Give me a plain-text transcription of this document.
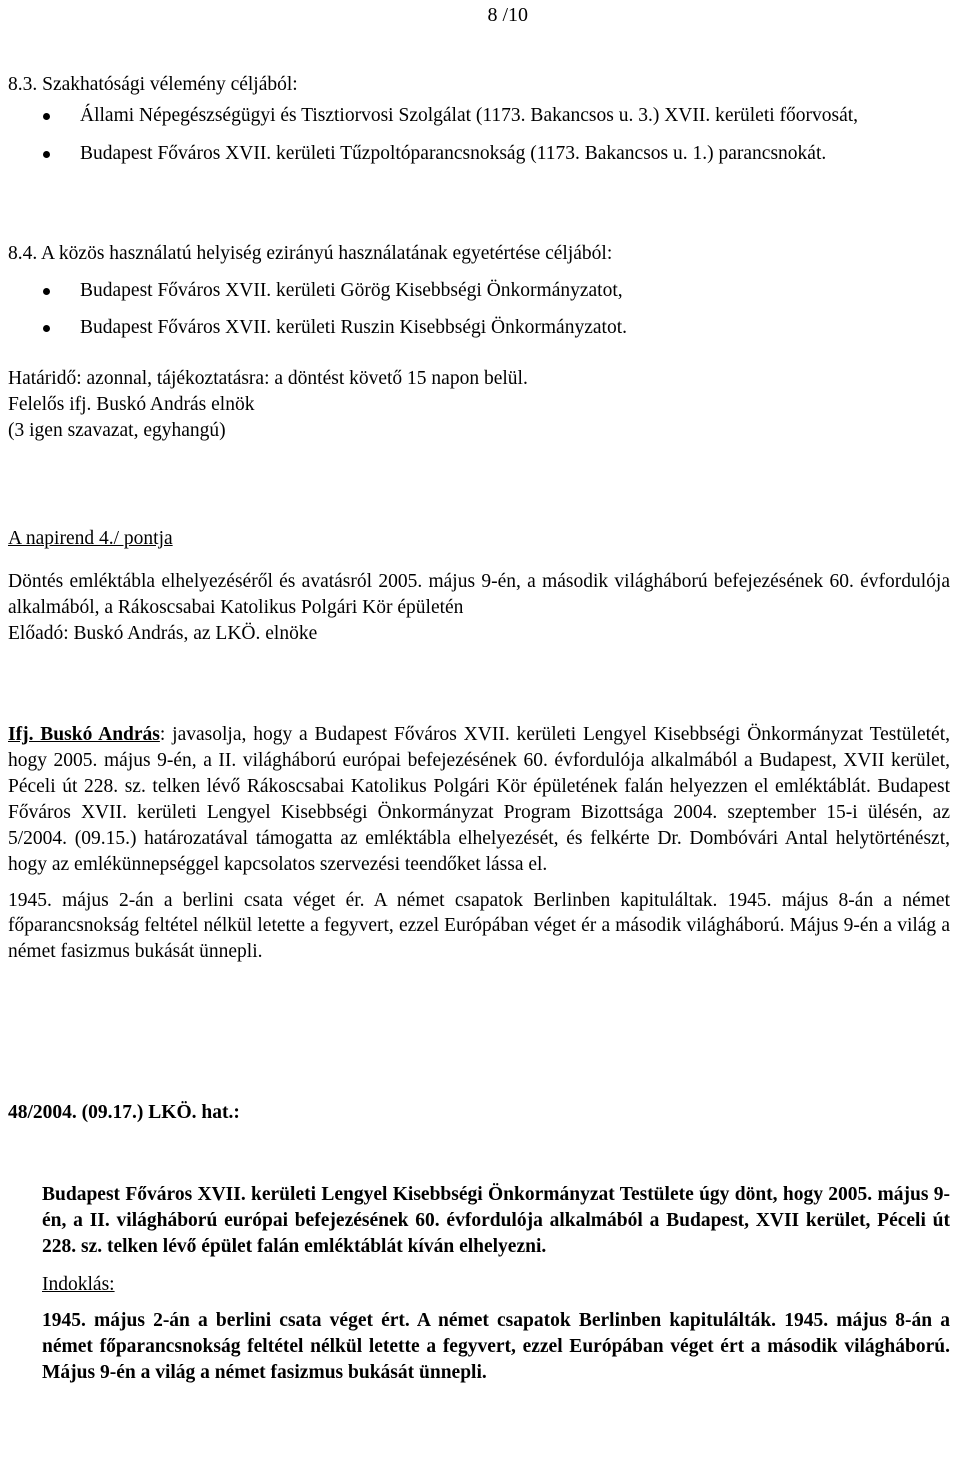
8 /10

8.3. Szakhatósági vélemény céljából:

Állami Népegészségügyi és Tisztiorvosi Szolgálat (1173. Bakancsos u. 3.) XVII. kerületi főorvosát,
Budapest Főváros XVII. kerületi Tűzpoltóparancsnokság (1173. Bakancsos u. 1.) parancsnokát.

8.4. A közös használatú helyiség ezirányú használatának egyetértése céljából:

Budapest Főváros XVII. kerületi Görög Kisebbségi Önkormányzatot,
Budapest Főváros XVII. kerületi Ruszin Kisebbségi Önkormányzatot.

Határidő: azonnal, tájékoztatásra: a döntést követő 15 napon belül.

Felelős ifj. Buskó András elnök

(3 igen szavazat, egyhangú)

A napirend 4./ pontja

Döntés emléktábla elhelyezéséről és avatásról 2005. május 9-én, a második világháború befejezésének 60. évfordulója alkalmából, a Rákoscsabai Katolikus Polgári Kör épületén

Előadó: Buskó András, az LKÖ. elnöke

Ifj. Buskó András: javasolja, hogy a Budapest Főváros XVII. kerületi Lengyel Kisebbségi Önkormányzat Testületét, hogy 2005. május 9-én, a II. világháború európai befejezésének 60. évfordulója alkalmából a Budapest, XVII kerület, Péceli út 228. sz. telken lévő Rákoscsabai Katolikus Polgári Kör épületének falán helyezzen el emléktáblát. Budapest Főváros XVII. kerületi Lengyel Kisebbségi Önkormányzat Program Bizottsága 2004. szeptember 15-i ülésén, az 5/2004. (09.15.) határozatával támogatta az emléktábla elhelyezését, és felkérte Dr. Dombóvári Antal helytörténészt, hogy az emlékünnepséggel kapcsolatos szervezési teendőket lássa el.

1945. május 2-án a berlini csata véget ér. A német csapatok Berlinben kapituláltak. 1945. május 8-án a német főparancsnokság feltétel nélkül letette a fegyvert, ezzel Európában véget ér a második világháború. Május 9-én a világ a német fasizmus bukását ünnepli.

48/2004. (09.17.) LKÖ. hat.:

Budapest Főváros XVII. kerületi Lengyel Kisebbségi Önkormányzat Testülete úgy dönt, hogy 2005. május 9-én, a II. világháború európai befejezésének 60. évfordulója alkalmából a Budapest, XVII kerület, Péceli út 228. sz. telken lévő épület falán emléktáblát kíván elhelyezni.

Indoklás:

1945. május 2-án a berlini csata véget ért. A német csapatok Berlinben kapitulálták. 1945. május 8-án a német főparancsnokság feltétel nélkül letette a fegyvert, ezzel Európában véget ért a második világháború. Május 9-én a világ a német fasizmus bukását ünnepli.
